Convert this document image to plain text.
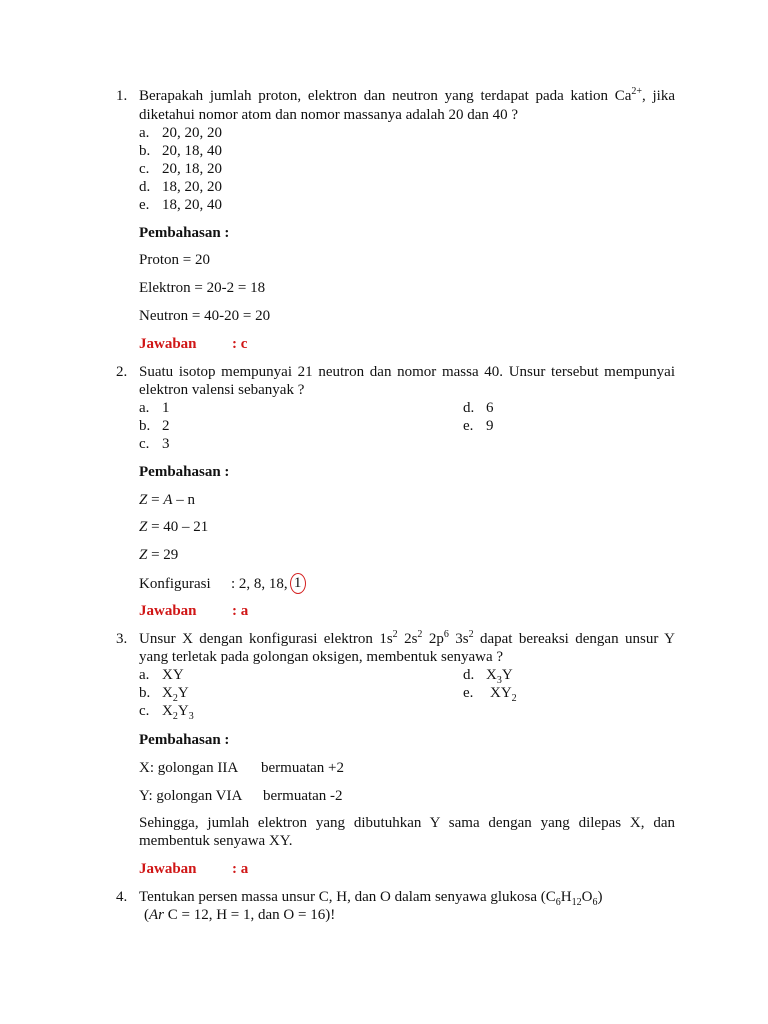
1. Berapakah jumlah proton, elektron dan neutron yang terdapat pada kation $Ca^{2+}$, jika
diketahui nomor atom dan nomor massanya adalah 20 dan 40 ?
a. 20, 20, 20
b. 20, 18, 40
c. 20, 18, 20
d. 18, 20, 20
e. 18, 20, 40
Pembahasan :
Proton = 20
Elektron = 20-2 = 18
Neutron = 40-20 = 20
Jawaban : c
2. Suatu isotop mempunyai 21 neutron dan nomor massa 40. Unsur tersebut mempunyai
elektron valensi sebanyak ?
a. 1
b. 2
c. 3
d. 6
e. 9
Pembahasan :
Z = A – n
Z = 40 – 21
Z = 29
Konfigurasi : 2, 8, 18, 1
Jawaban : a
3. Unsur X dengan konfigurasi elektron $1s^2$ $2s^2$ $2p^6$ $3s^2$ dapat bereaksi dengan unsur Y
yang terletak pada golongan oksigen, membentuk senyawa ?
a. XY
b. $X_2Y$
c. $X_2Y_3$
d. $X_3Y$
e. $XY_2$
Pembahasan :
X: golongan IIA bermuatan +2
Y: golongan VIA bermuatan -2
Sehingga, jumlah elektron yang dibutuhkan Y sama dengan yang dilepas X, dan
membentuk senyawa XY.
Jawaban : a
4. Tentukan persen massa unsur C, H, dan O dalam senyawa glukosa $(C_6H_{12}O_6)$
(Ar C = 12, H = 1, dan O = 16)!
